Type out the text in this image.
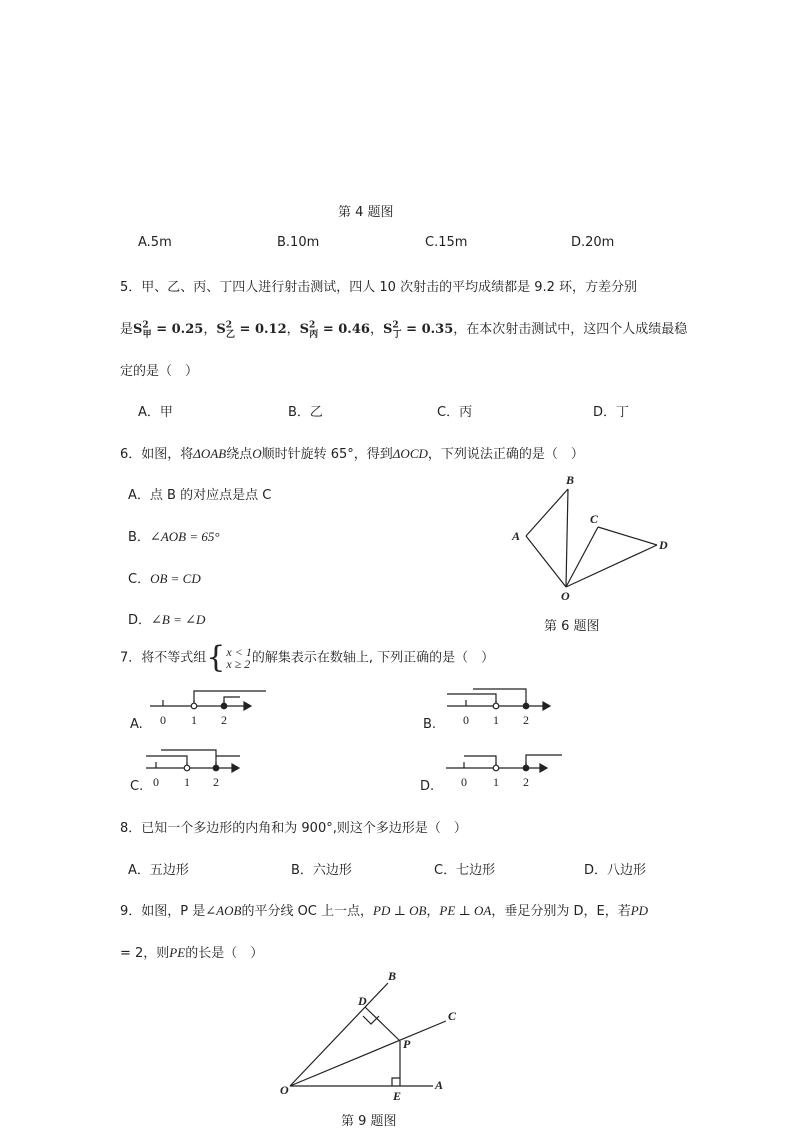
第 4 题图
A.5m	B.10m	C.15m	D.20m
5．甲、乙、丙、丁四人进行射击测试，四人 10 次射击的平均成绩都是 9.2 环，方差分别
是$S^2_甲 = 0.25$，$S^2_乙 = 0.12$，$S^2_丙 = 0.46$，$S^2_丁 = 0.35$，在本次射击测试中，这四个人成绩最稳
定的是（　）
A．甲	B．乙	C．丙	D．丁
6．如图，将ΔOAB绕点O顺时针旋转 65°，得到ΔOCD，下列说法正确的是（　）
A．点 B 的对应点是点 C
B．∠AOB = 65°
C．OB = CD
D．∠B = ∠D
A
B
C
D
O
第 6 题图
7．将不等式组 { x < 1
x ≥ 2 的解集表示在数轴上, 下列正确的是（　）
A.	B.
C.	D.
0 1 2	0 1 2
0 1 2	0 1 2
8．已知一个多边形的内角和为 900°,则这个多边形是（　）
A．五边形	B．六边形	C．七边形	D．八边形
9．如图，P 是∠AOB的平分线 OC 上一点，PD ⊥ OB，PE ⊥ OA，垂足分别为 D，E，若PD
= 2，则PE的长是（　）
A
B
C
D
E
O
P
第 9 题图
